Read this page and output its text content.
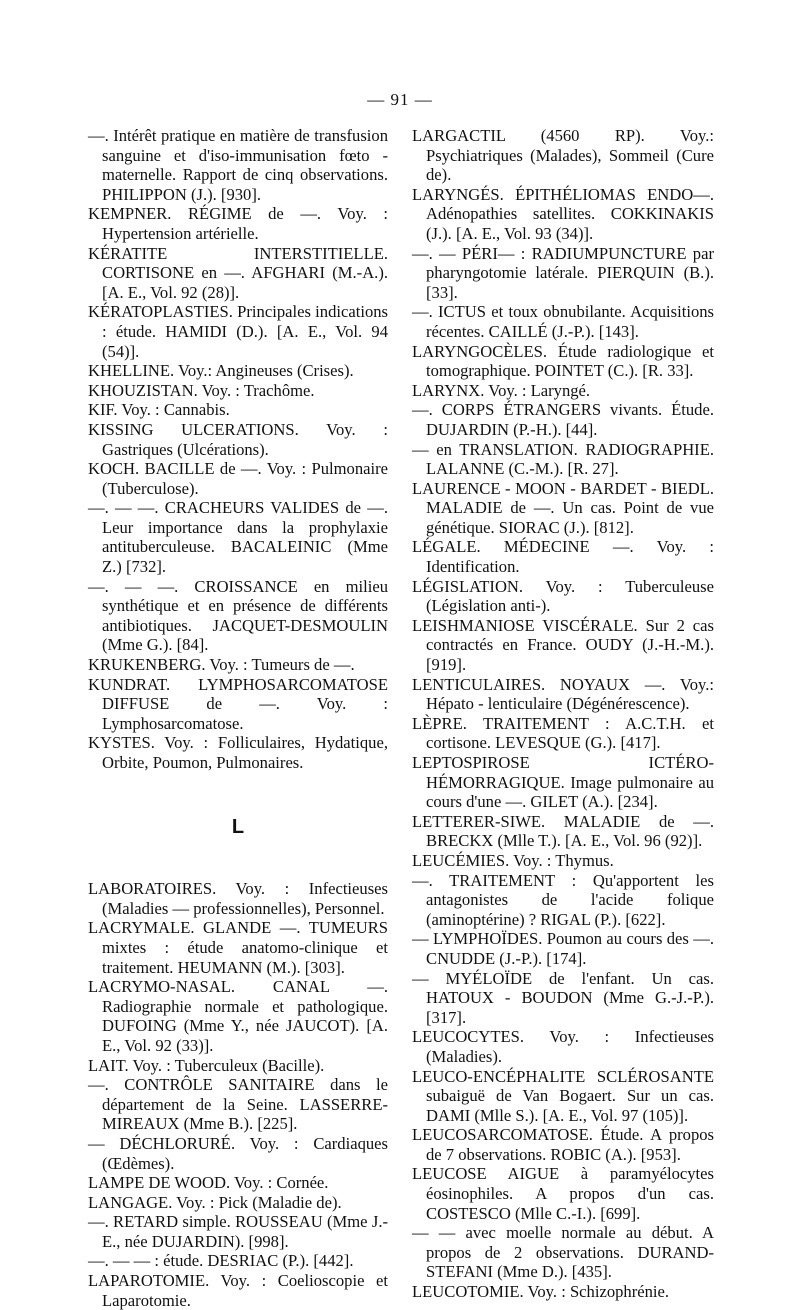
— 91 —

—. Intérêt pratique en matière de transfusion sanguine et d'iso-immunisation fœto - maternelle. Rapport de cinq observations. PHILIPPON (J.). [930].

KEMPNER. RÉGIME de —. Voy. : Hypertension artérielle.

KÉRATITE INTERSTITIELLE. CORTISONE en —. AFGHARI (M.-A.). [A. E., Vol. 92 (28)].

KÉRATOPLASTIES. Principales indications : étude. HAMIDI (D.). [A. E., Vol. 94 (54)].

KHELLINE. Voy.: Angineuses (Crises).

KHOUZISTAN. Voy. : Trachôme.

KIF. Voy. : Cannabis.

KISSING ULCERATIONS. Voy. : Gastriques (Ulcérations).

KOCH. BACILLE de —. Voy. : Pulmonaire (Tuberculose).

—. — —. CRACHEURS VALIDES de —. Leur importance dans la prophylaxie antituberculeuse. BACALEINIC (Mme Z.) [732].

—. — —. CROISSANCE en milieu synthétique et en présence de différents antibiotiques. JACQUET-DESMOULIN (Mme G.). [84].

KRUKENBERG. Voy. : Tumeurs de —.

KUNDRAT. LYMPHOSARCOMATOSE DIFFUSE de —. Voy. : Lymphosarcomatose.

KYSTES. Voy. : Folliculaires, Hydatique, Orbite, Poumon, Pulmonaires.

L

LABORATOIRES. Voy. : Infectieuses (Maladies — professionnelles), Personnel.

LACRYMALE. GLANDE —. TUMEURS mixtes : étude anatomo-clinique et traitement. HEUMANN (M.). [303].

LACRYMO-NASAL. CANAL —. Radiographie normale et pathologique. DUFOING (Mme Y., née JAUCOT). [A. E., Vol. 92 (33)].

LAIT. Voy. : Tuberculeux (Bacille).

—. CONTRÔLE SANITAIRE dans le département de la Seine. LASSERRE-MIREAUX (Mme B.). [225].

— DÉCHLORURÉ. Voy. : Cardiaques (Œdèmes).

LAMPE DE WOOD. Voy. : Cornée.

LANGAGE. Voy. : Pick (Maladie de).

—. RETARD simple. ROUSSEAU (Mme J.-E., née DUJARDIN). [998].

—. — — : étude. DESRIAC (P.). [442].

LAPAROTOMIE. Voy. : Coelioscopie et Laparotomie.

LARGACTIL (4560 RP). Voy.: Psychiatriques (Malades), Sommeil (Cure de).

LARYNGÉS. ÉPITHÉLIOMAS ENDO—. Adénopathies satellites. COKKINAKIS (J.). [A. E., Vol. 93 (34)].

—. — PÉRI— : RADIUMPUNCTURE par pharyngotomie latérale. PIERQUIN (B.). [33].

—. ICTUS et toux obnubilante. Acquisitions récentes. CAILLÉ (J.-P.). [143].

LARYNGOCÈLES. Étude radiologique et tomographique. POINTET (C.). [R. 33].

LARYNX. Voy. : Laryngé.

—. CORPS ÉTRANGERS vivants. Étude. DUJARDIN (P.-H.). [44].

— en TRANSLATION. RADIOGRAPHIE. LALANNE (C.-M.). [R. 27].

LAURENCE - MOON - BARDET - BIEDL. MALADIE de —. Un cas. Point de vue génétique. SIORAC (J.). [812].

LÉGALE. MÉDECINE —. Voy. : Identification.

LÉGISLATION. Voy. : Tuberculeuse (Législation anti-).

LEISHMANIOSE VISCÉRALE. Sur 2 cas contractés en France. OUDY (J.-H.-M.). [919].

LENTICULAIRES. NOYAUX —. Voy.: Hépato - lenticulaire (Dégénérescence).

LÈPRE. TRAITEMENT : A.C.T.H. et cortisone. LEVESQUE (G.). [417].

LEPTOSPIROSE ICTÉRO-HÉMORRAGIQUE. Image pulmonaire au cours d'une —. GILET (A.). [234].

LETTERER-SIWE. MALADIE de —. BRECKX (Mlle T.). [A. E., Vol. 96 (92)].

LEUCÉMIES. Voy. : Thymus.

—. TRAITEMENT : Qu'apportent les antagonistes de l'acide folique (aminoptérine) ? RIGAL (P.). [622].

— LYMPHOÏDES. Poumon au cours des —. CNUDDE (J.-P.). [174].

— MYÉLOÏDE de l'enfant. Un cas. HATOUX - BOUDON (Mme G.-J.-P.). [317].

LEUCOCYTES. Voy. : Infectieuses (Maladies).

LEUCO-ENCÉPHALITE SCLÉROSANTE subaiguë de Van Bogaert. Sur un cas. DAMI (Mlle S.). [A. E., Vol. 97 (105)].

LEUCOSARCOMATOSE. Étude. A propos de 7 observations. ROBIC (A.). [953].

LEUCOSE AIGUE à paramyélocytes éosinophiles. A propos d'un cas. COSTESCO (Mlle C.-I.). [699].

— — avec moelle normale au début. A propos de 2 observations. DURAND-STEFANI (Mme D.). [435].

LEUCOTOMIE. Voy. : Schizophrénie.
